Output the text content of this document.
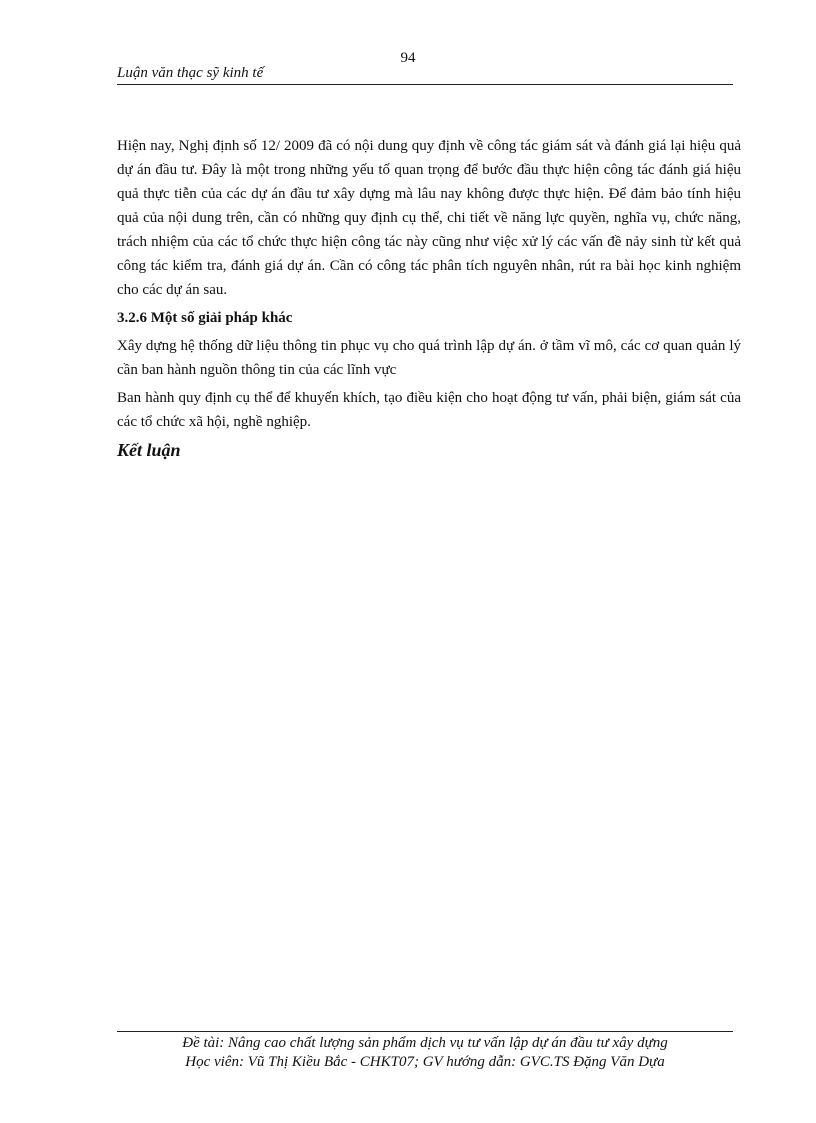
94
Luận văn thạc sỹ kinh tế

Hiện nay, Nghị định số 12/ 2009 đã có nội dung quy định về công tác giám sát và đánh giá lại hiệu quả dự án đầu tư. Đây là một trong những yếu tố quan trọng để bước đầu thực hiện công tác đánh giá hiệu quả thực tiễn của các dự án đầu tư xây dựng mà lâu nay không được thực hiện. Để đảm bảo tính hiệu quả của nội dung trên, cần có những quy định cụ thể, chi tiết về năng lực quyền, nghĩa vụ, chức năng, trách nhiệm của các tổ chức thực hiện công tác này cũng như việc xử lý các vấn đề nảy sinh từ kết quả công tác kiểm tra, đánh giá dự án. Cần có công tác phân tích nguyên nhân, rút ra bài học kinh nghiệm cho các dự án sau.

3.2.6 Một số giải pháp khác

Xây dựng hệ thống dữ liệu thông tin phục vụ cho quá trình lập dự án. ở tầm vĩ mô, các cơ quan quản lý cần ban hành nguồn thông tin của các lĩnh vực

Ban hành quy định cụ thể để khuyến khích, tạo điều kiện cho hoạt động tư vấn, phải biện, giám sát của các tổ chức xã hội, nghề nghiệp.

Kết luận
Đề tài: Nâng cao chất lượng sản phẩm dịch vụ tư vấn lập dự án đầu tư xây dựng
Học viên: Vũ Thị Kiều Bắc - CHKT07; GV hướng dẫn: GVC.TS Đặng Văn Dựa
